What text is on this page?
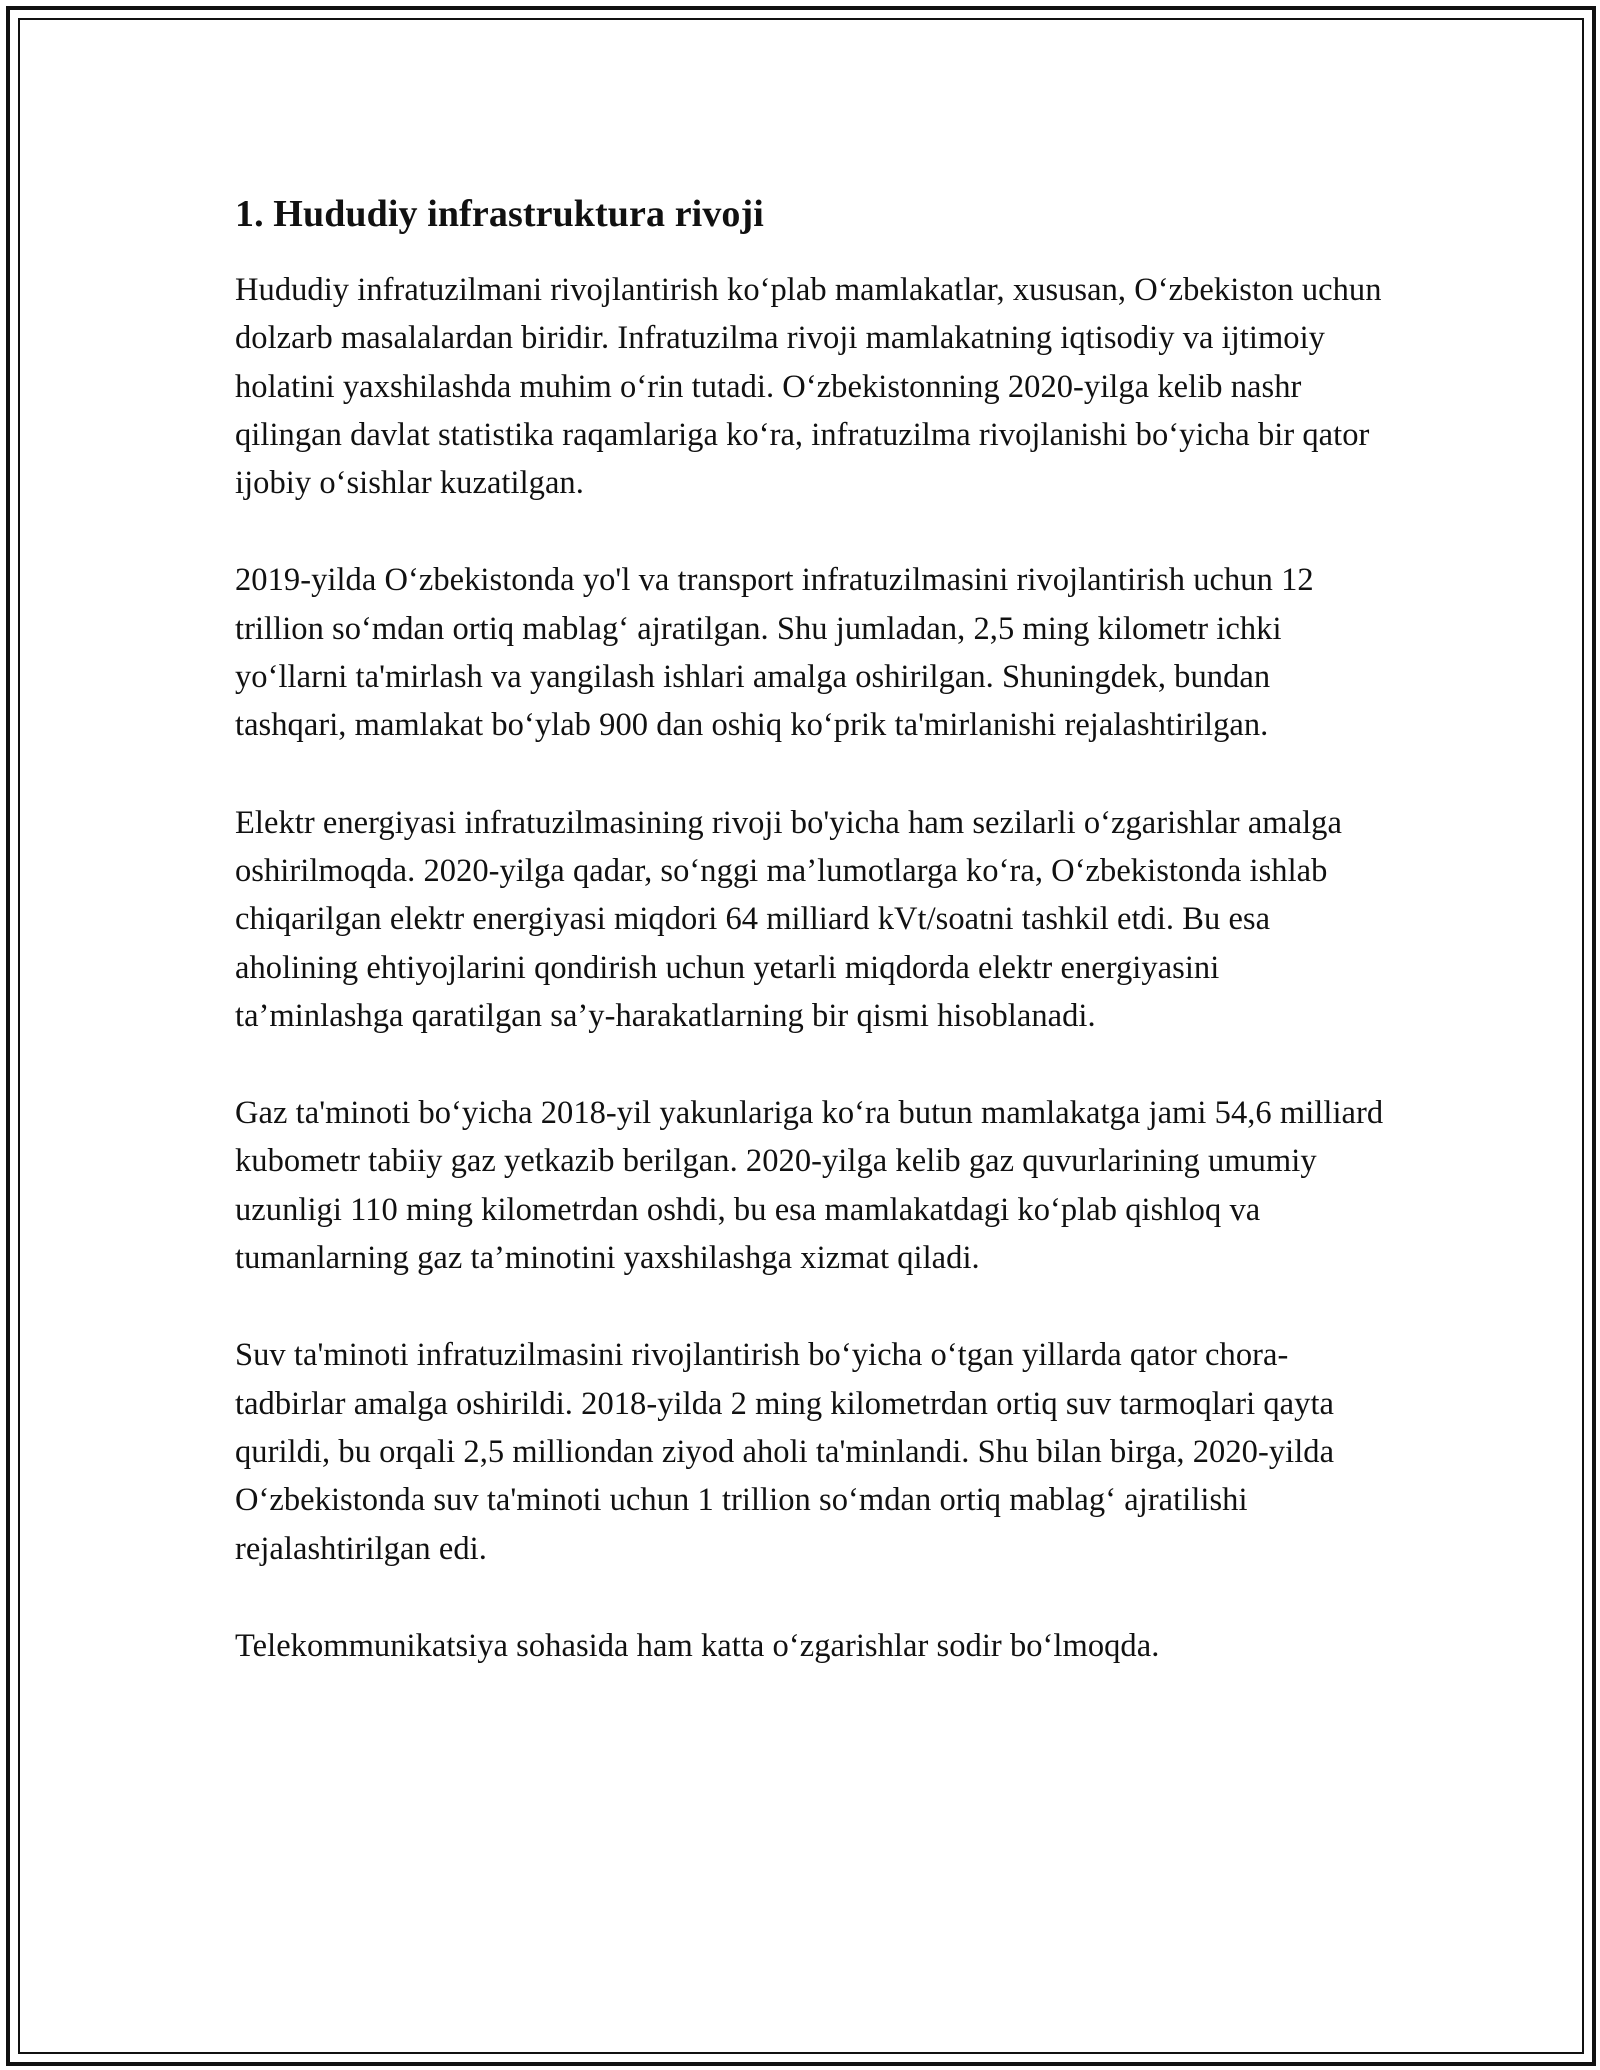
1. Hududiy infrastruktura rivoji

Hududiy infratuzilmani rivojlantirish ko‘plab mamlakatlar, xususan, O‘zbekiston uchun dolzarb masalalardan biridir. Infratuzilma rivoji mamlakatning iqtisodiy va ijtimoiy holatini yaxshilashda muhim o‘rin tutadi. O‘zbekistonning 2020-yilga kelib nashr qilingan davlat statistika raqamlariga ko‘ra, infratuzilma rivojlanishi bo‘yicha bir qator ijobiy o‘sishlar kuzatilgan.

2019-yilda O‘zbekistonda yo'l va transport infratuzilmasini rivojlantirish uchun 12 trillion so‘mdan ortiq mablag‘ ajratilgan. Shu jumladan, 2,5 ming kilometr ichki yo‘llarni ta'mirlash va yangilash ishlari amalga oshirilgan. Shuningdek, bundan tashqari, mamlakat bo‘ylab 900 dan oshiq ko‘prik ta'mirlanishi rejalashtirilgan.

Elektr energiyasi infratuzilmasining rivoji bo'yicha ham sezilarli o‘zgarishlar amalga oshirilmoqda. 2020-yilga qadar, so‘nggi ma’lumotlarga ko‘ra, O‘zbekistonda ishlab chiqarilgan elektr energiyasi miqdori 64 milliard kVt/soatni tashkil etdi. Bu esa aholining ehtiyojlarini qondirish uchun yetarli miqdorda elektr energiyasini ta’minlashga qaratilgan sa’y-harakatlarning bir qismi hisoblanadi.

Gaz ta'minoti bo‘yicha 2018-yil yakunlariga ko‘ra butun mamlakatga jami 54,6 milliard kubometr tabiiy gaz yetkazib berilgan. 2020-yilga kelib gaz quvurlarining umumiy uzunligi 110 ming kilometrdan oshdi, bu esa mamlakatdagi ko‘plab qishloq va tumanlarning gaz ta’minotini yaxshilashga xizmat qiladi.

Suv ta'minoti infratuzilmasini rivojlantirish bo‘yicha o‘tgan yillarda qator chora-tadbirlar amalga oshirildi. 2018-yilda 2 ming kilometrdan ortiq suv tarmoqlari qayta qurildi, bu orqali 2,5 milliondan ziyod aholi ta'minlandi. Shu bilan birga, 2020-yilda O‘zbekistonda suv ta'minoti uchun 1 trillion so‘mdan ortiq mablag‘ ajratilishi rejalashtirilgan edi.

Telekommunikatsiya sohasida ham katta o‘zgarishlar sodir bo‘lmoqda.
